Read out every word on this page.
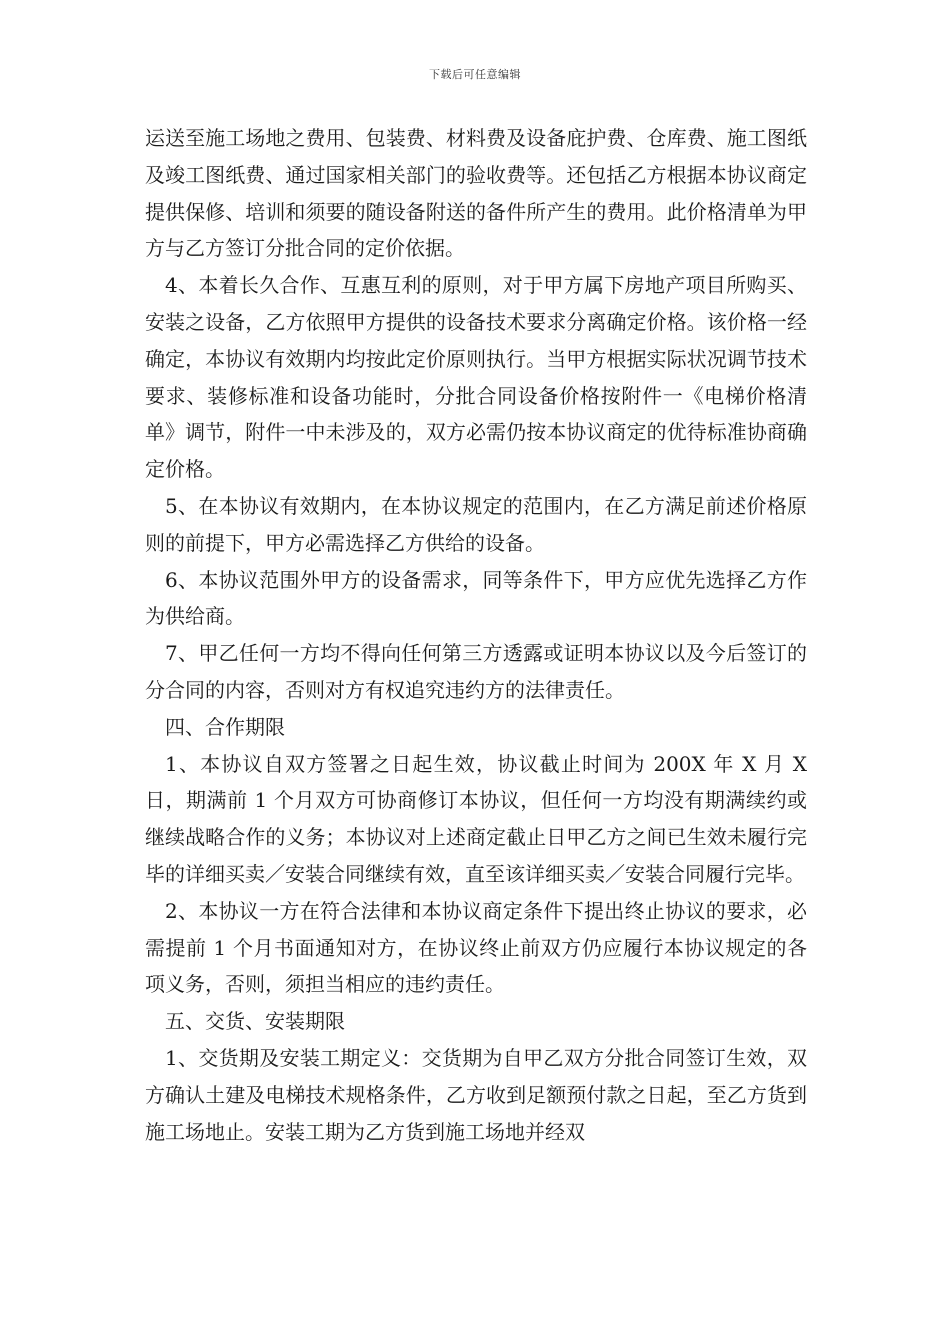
下载后可任意编辑

运送至施工场地之费用、包装费、材料费及设备庇护费、仓库费、施工图纸及竣工图纸费、通过国家相关部门的验收费等。还包括乙方根据本协议商定提供保修、培训和须要的随设备附送的备件所产生的费用。此价格清单为甲方与乙方签订分批合同的定价依据。

4、本着长久合作、互惠互利的原则，对于甲方属下房地产项目所购买、安装之设备，乙方依照甲方提供的设备技术要求分离确定价格。该价格一经确定，本协议有效期内均按此定价原则执行。当甲方根据实际状况调节技术要求、装修标准和设备功能时，分批合同设备价格按附件一《电梯价格清单》调节，附件一中未涉及的，双方必需仍按本协议商定的优待标准协商确定价格。

5、在本协议有效期内，在本协议规定的范围内，在乙方满足前述价格原则的前提下，甲方必需选择乙方供给的设备。

6、本协议范围外甲方的设备需求，同等条件下，甲方应优先选择乙方作为供给商。

7、甲乙任何一方均不得向任何第三方透露或证明本协议以及今后签订的分合同的内容，否则对方有权追究违约方的法律责任。

四、合作期限

1、本协议自双方签署之日起生效，协议截止时间为 200X 年 X 月 X 日，期满前 1 个月双方可协商修订本协议，但任何一方均没有期满续约或继续战略合作的义务；本协议对上述商定截止日甲乙方之间已生效未履行完毕的详细买卖／安装合同继续有效，直至该详细买卖／安装合同履行完毕。

2、本协议一方在符合法律和本协议商定条件下提出终止协议的要求，必需提前 1 个月书面通知对方，在协议终止前双方仍应履行本协议规定的各项义务，否则，须担当相应的违约责任。

五、交货、安装期限

1、交货期及安装工期定义：交货期为自甲乙双方分批合同签订生效，双方确认土建及电梯技术规格条件，乙方收到足额预付款之日起，至乙方货到施工场地止。安装工期为乙方货到施工场地并经双
